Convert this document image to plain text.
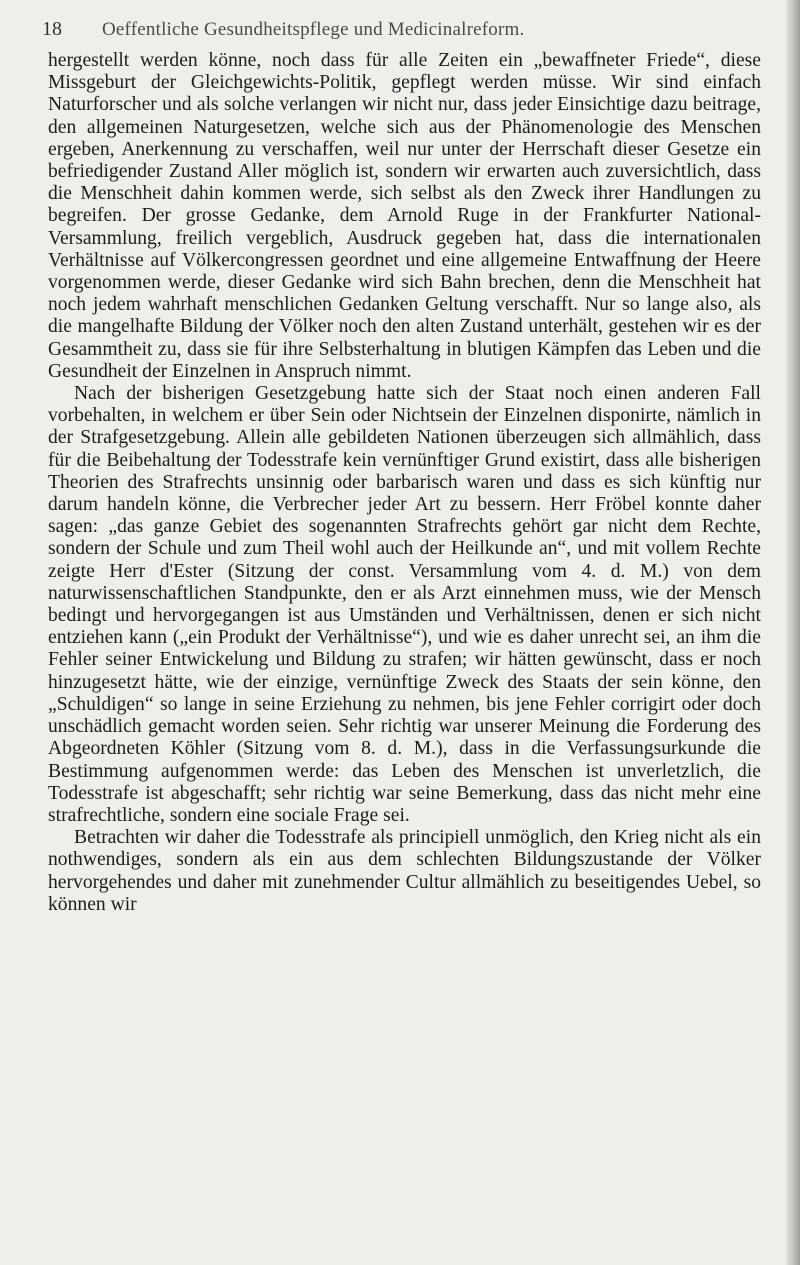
18 Oeffentliche Gesundheitspflege und Medicinalreform.

hergestellt werden könne, noch dass für alle Zeiten ein „bewaffneter Friede“, diese Missgeburt der Gleichgewichts-Politik, gepflegt werden müsse. Wir sind einfach Naturforscher und als solche verlangen wir nicht nur, dass jeder Einsichtige dazu beitrage, den allgemeinen Naturgesetzen, welche sich aus der Phänomenologie des Menschen ergeben, Anerkennung zu verschaffen, weil nur unter der Herrschaft dieser Gesetze ein befriedigender Zustand Aller möglich ist, sondern wir erwarten auch zuversichtlich, dass die Menschheit dahin kommen werde, sich selbst als den Zweck ihrer Handlungen zu begreifen. Der grosse Gedanke, dem Arnold Ruge in der Frankfurter National-Versammlung, freilich vergeblich, Ausdruck gegeben hat, dass die internationalen Verhältnisse auf Völkercongressen geordnet und eine allgemeine Entwaffnung der Heere vorgenommen werde, dieser Gedanke wird sich Bahn brechen, denn die Menschheit hat noch jedem wahrhaft menschlichen Gedanken Geltung verschafft. Nur so lange also, als die mangelhafte Bildung der Völker noch den alten Zustand unterhält, gestehen wir es der Gesammtheit zu, dass sie für ihre Selbsterhaltung in blutigen Kämpfen das Leben und die Gesundheit der Einzelnen in Anspruch nimmt.

Nach der bisherigen Gesetzgebung hatte sich der Staat noch einen anderen Fall vorbehalten, in welchem er über Sein oder Nichtsein der Einzelnen disponirte, nämlich in der Strafgesetzgebung. Allein alle gebildeten Nationen überzeugen sich allmählich, dass für die Beibehaltung der Todesstrafe kein vernünftiger Grund existirt, dass alle bisherigen Theorien des Strafrechts unsinnig oder barbarisch waren und dass es sich künftig nur darum handeln könne, die Verbrecher jeder Art zu bessern. Herr Fröbel konnte daher sagen: „das ganze Gebiet des sogenannten Strafrechts gehört gar nicht dem Rechte, sondern der Schule und zum Theil wohl auch der Heilkunde an“, und mit vollem Rechte zeigte Herr d'Ester (Sitzung der const. Versammlung vom 4. d. M.) von dem naturwissenschaftlichen Standpunkte, den er als Arzt einnehmen muss, wie der Mensch bedingt und hervorgegangen ist aus Umständen und Verhältnissen, denen er sich nicht entziehen kann („ein Produkt der Verhältnisse“), und wie es daher unrecht sei, an ihm die Fehler seiner Entwickelung und Bildung zu strafen; wir hätten gewünscht, dass er noch hinzugesetzt hätte, wie der einzige, vernünftige Zweck des Staats der sein könne, den „Schuldigen“ so lange in seine Erziehung zu nehmen, bis jene Fehler corrigirt oder doch unschädlich gemacht worden seien. Sehr richtig war unserer Meinung die Forderung des Abgeordneten Köhler (Sitzung vom 8. d. M.), dass in die Verfassungsurkunde die Bestimmung aufgenommen werde: das Leben des Menschen ist unverletzlich, die Todesstrafe ist abgeschafft; sehr richtig war seine Bemerkung, dass das nicht mehr eine strafrechtliche, sondern eine sociale Frage sei.

Betrachten wir daher die Todesstrafe als principiell unmöglich, den Krieg nicht als ein nothwendiges, sondern als ein aus dem schlechten Bildungszustande der Völker hervorgehendes und daher mit zunehmender Cultur allmählich zu beseitigendes Uebel, so können wir
